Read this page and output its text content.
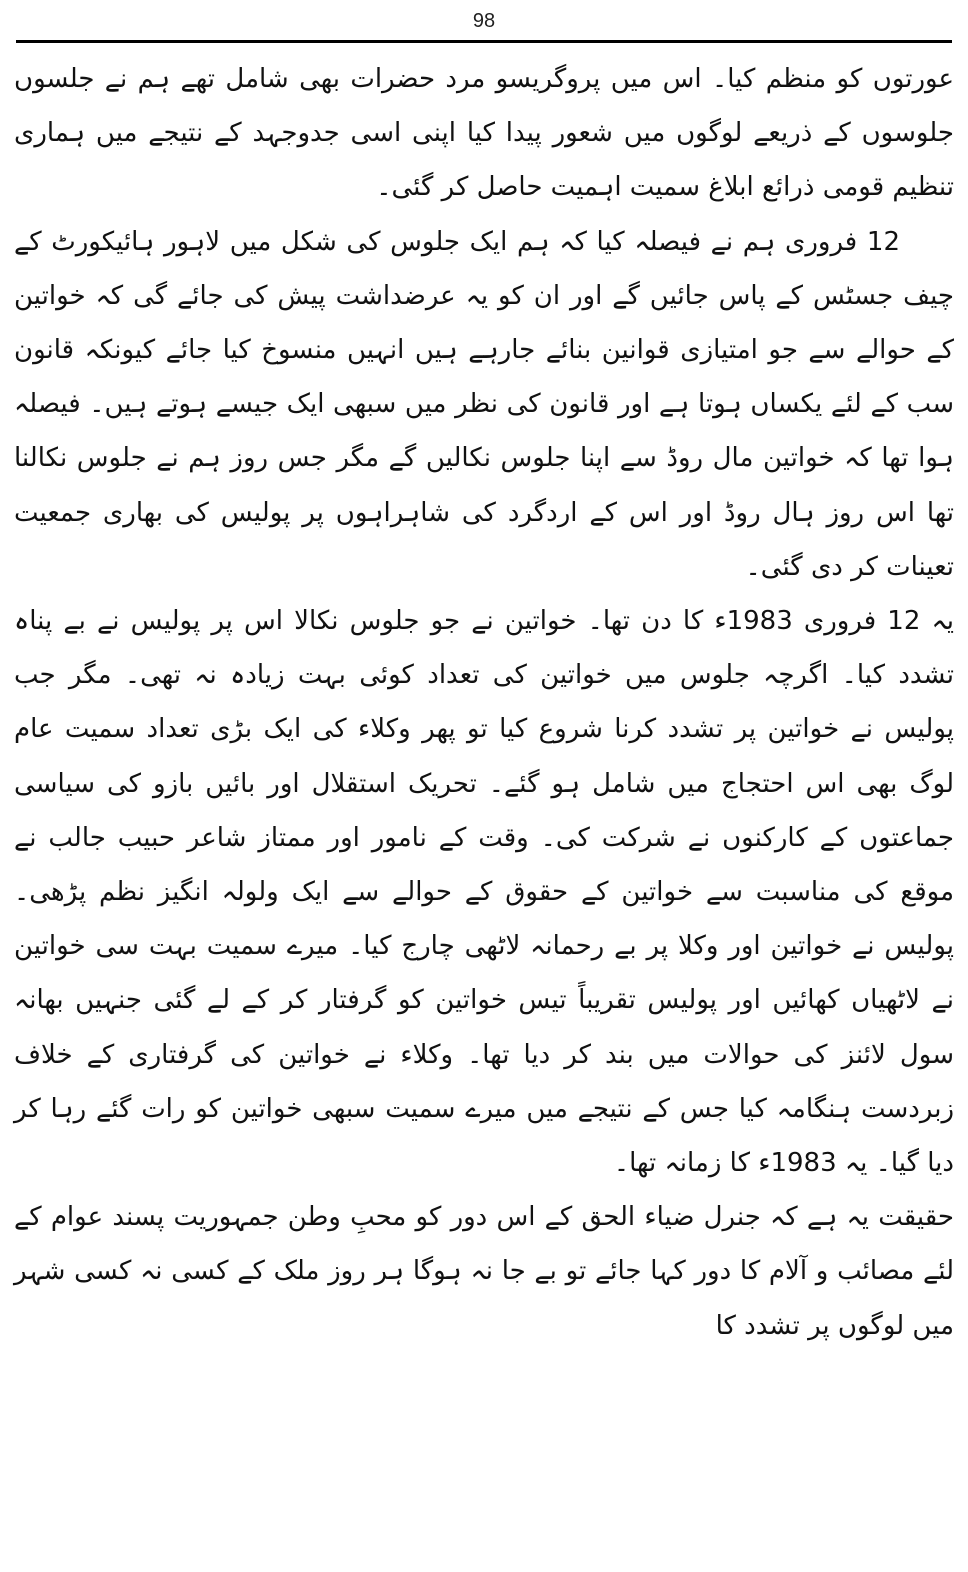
98

عورتوں کو منظم کیا۔ اس میں پروگریسو مرد حضرات بھی شامل تھے ہم نے جلسوں جلوسوں کے ذریعے لوگوں میں شعور پیدا کیا اپنی اسی جدوجہد کے نتیجے میں ہماری تنظیم قومی ذرائع ابلاغ سمیت اہمیت حاصل کر گئی۔

12 فروری ہم نے فیصلہ کیا کہ ہم ایک جلوس کی شکل میں لاہور ہائیکورٹ کے چیف جسٹس کے پاس جائیں گے اور ان کو یہ عرضداشت پیش کی جائے گی کہ خواتین کے حوالے سے جو امتیازی قوانین بنائے جارہے ہیں انہیں منسوخ کیا جائے کیونکہ قانون سب کے لئے یکساں ہوتا ہے اور قانون کی نظر میں سبھی ایک جیسے ہوتے ہیں۔ فیصلہ ہوا تھا کہ خواتین مال روڈ سے اپنا جلوس نکالیں گے مگر جس روز ہم نے جلوس نکالنا تھا اس روز ہال روڈ اور اس کے اردگرد کی شاہراہوں پر پولیس کی بھاری جمعیت تعینات کر دی گئی۔

یہ 12 فروری 1983ء کا دن تھا۔ خواتین نے جو جلوس نکالا اس پر پولیس نے بے پناہ تشدد کیا۔ اگرچہ جلوس میں خواتین کی تعداد کوئی بہت زیادہ نہ تھی۔ مگر جب پولیس نے خواتین پر تشدد کرنا شروع کیا تو پھر وکلاء کی ایک بڑی تعداد سمیت عام لوگ بھی اس احتجاج میں شامل ہو گئے۔ تحریک استقلال اور بائیں بازو کی سیاسی جماعتوں کے کارکنوں نے شرکت کی۔ وقت کے نامور اور ممتاز شاعر حبیب جالب نے موقع کی مناسبت سے خواتین کے حقوق کے حوالے سے ایک ولولہ انگیز نظم پڑھی۔ پولیس نے خواتین اور وکلا پر بے رحمانہ لاٹھی چارج کیا۔ میرے سمیت بہت سی خواتین نے لاٹھیاں کھائیں اور پولیس تقریباً تیس خواتین کو گرفتار کر کے لے گئی جنہیں بھانہ سول لائنز کی حوالات میں بند کر دیا تھا۔ وکلاء نے خواتین کی گرفتاری کے خلاف زبردست ہنگامہ کیا جس کے نتیجے میں میرے سمیت سبھی خواتین کو رات گئے رہا کر دیا گیا۔ یہ 1983ء کا زمانہ تھا۔

حقیقت یہ ہے کہ جنرل ضیاء الحق کے اس دور کو محبِ وطن جمہوریت پسند عوام کے لئے مصائب و آلام کا دور کہا جائے تو بے جا نہ ہوگا ہر روز ملک کے کسی نہ کسی شہر میں لوگوں پر تشدد کا
